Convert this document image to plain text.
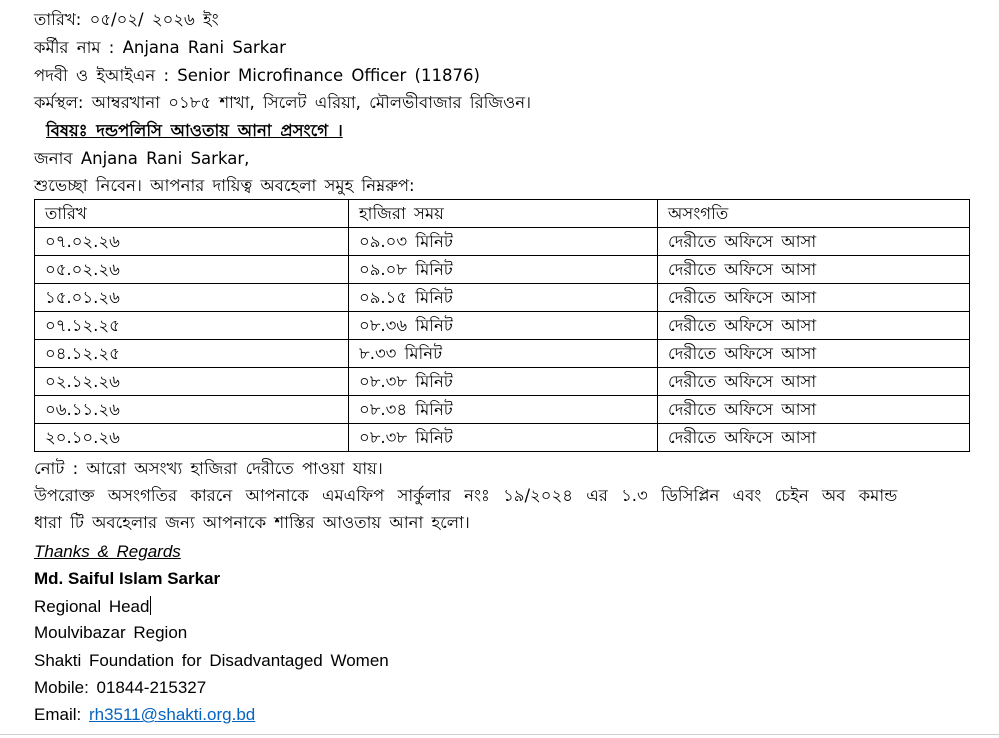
তারিখ: ০৫/০২/ ২০২৬ ইং
কর্মীর নাম : Anjana Rani Sarkar
পদবী ও ইআইএন : Senior Microfinance Officer (11876)
কর্মস্থল: আম্বরখানা ০১৮৫ শাখা, সিলেট এরিয়া, মৌলভীবাজার রিজিওন।
বিষয়ঃ দন্ডপলিসি আওতায় আনা প্রসংগে ।
জনাব Anjana Rani Sarkar,
শুভেচ্ছা নিবেন। আপনার দায়িত্ব অবহেলা সমুহ নিম্নরুপ:
তারিখ	হাজিরা সময়	অসংগতি
০৭.০২.২৬	০৯.০৩ মিনিট	দেরীতে অফিসে আসা
০৫.০২.২৬	০৯.০৮ মিনিট	দেরীতে অফিসে আসা
১৫.০১.২৬	০৯.১৫ মিনিট	দেরীতে অফিসে আসা
০৭.১২.২৫	০৮.৩৬ মিনিট	দেরীতে অফিসে আসা
০৪.১২.২৫	৮.৩৩ মিনিট	দেরীতে অফিসে আসা
০২.১২.২৬	০৮.৩৮ মিনিট	দেরীতে অফিসে আসা
০৬.১১.২৬	০৮.৩৪ মিনিট	দেরীতে অফিসে আসা
২০.১০.২৬	০৮.৩৮ মিনিট	দেরীতে অফিসে আসা
নোট : আরো অসংখ্য হাজিরা দেরীতে পাওয়া যায়।
উপরোক্ত অসংগতির কারনে আপনাকে এমএফিপ সার্কুলার নংঃ ১৯/২০২৪ এর ১.৩ ডিসিপ্লিন এবং চেইন অব কমান্ড
ধারা টি অবহেলার জন্য আপনাকে শাস্তির আওতায় আনা হলো।
Thanks & Regards
Md. Saiful Islam Sarkar
Regional Head
Moulvibazar Region
Shakti Foundation for Disadvantaged Women
Mobile: 01844-215327
Email: rh3511@shakti.org.bd
